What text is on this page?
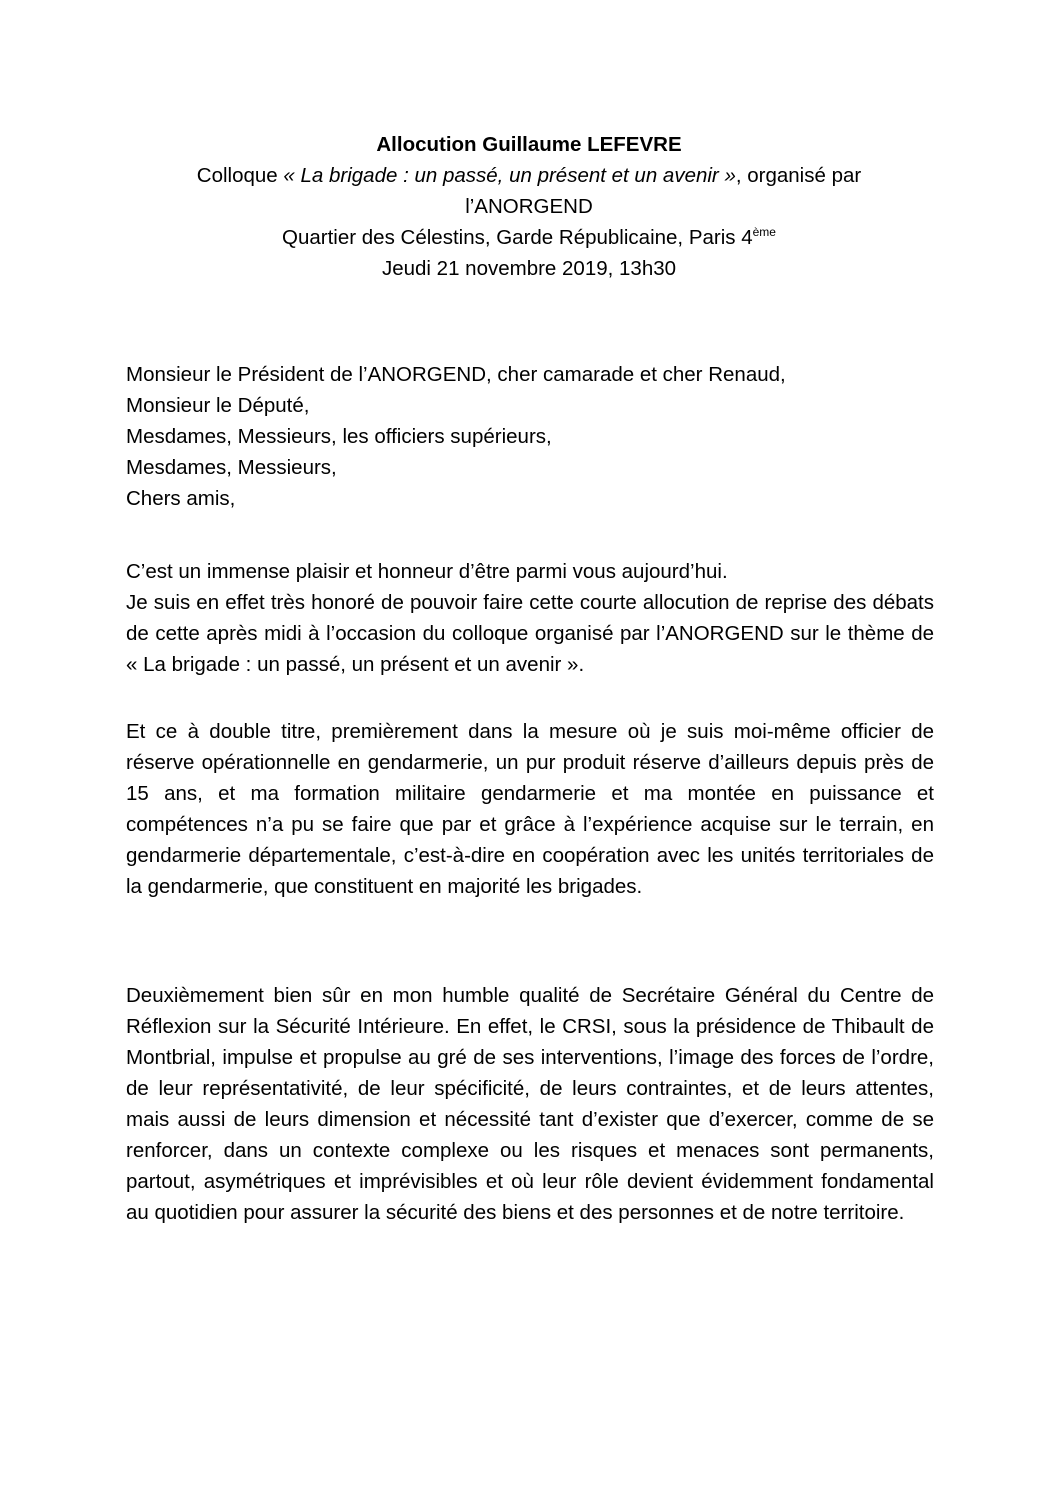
Allocution Guillaume LEFEVRE
Colloque « La brigade : un passé, un présent et un avenir », organisé par
l’ANORGEND
Quartier des Célestins, Garde Républicaine, Paris 4ème
Jeudi 21 novembre 2019, 13h30
Monsieur le Président de l’ANORGEND, cher camarade et cher Renaud,
Monsieur le Député,
Mesdames, Messieurs, les officiers supérieurs,
Mesdames, Messieurs,
Chers amis,
C’est un immense plaisir et honneur d’être parmi vous aujourd’hui.
Je suis en effet très honoré de pouvoir faire cette courte allocution de reprise des débats de cette après midi à l’occasion du colloque organisé par l’ANORGEND sur le thème de « La brigade : un passé, un présent et un avenir ».
Et ce à double titre, premièrement dans la mesure où je suis moi-même officier de réserve opérationnelle en gendarmerie, un pur produit réserve d’ailleurs depuis près de 15 ans, et ma formation militaire gendarmerie et ma montée en puissance et compétences n’a pu se faire que par et grâce à l’expérience acquise sur le terrain, en gendarmerie départementale, c’est-à-dire en coopération avec les unités territoriales de la gendarmerie, que constituent en majorité les brigades.
Deuxièmement bien sûr en mon humble qualité de Secrétaire Général du Centre de Réflexion sur la Sécurité Intérieure. En effet, le CRSI, sous la présidence de Thibault de Montbrial, impulse et propulse au gré de ses interventions, l’image des forces de l’ordre, de leur représentativité, de leur spécificité, de leurs contraintes, et de leurs attentes, mais aussi de leurs dimension et nécessité tant d’exister que d’exercer, comme de se renforcer, dans un contexte complexe ou les risques et menaces sont permanents, partout, asymétriques et imprévisibles et où leur rôle devient évidemment fondamental au quotidien pour assurer la sécurité des biens et des personnes et de notre territoire.
